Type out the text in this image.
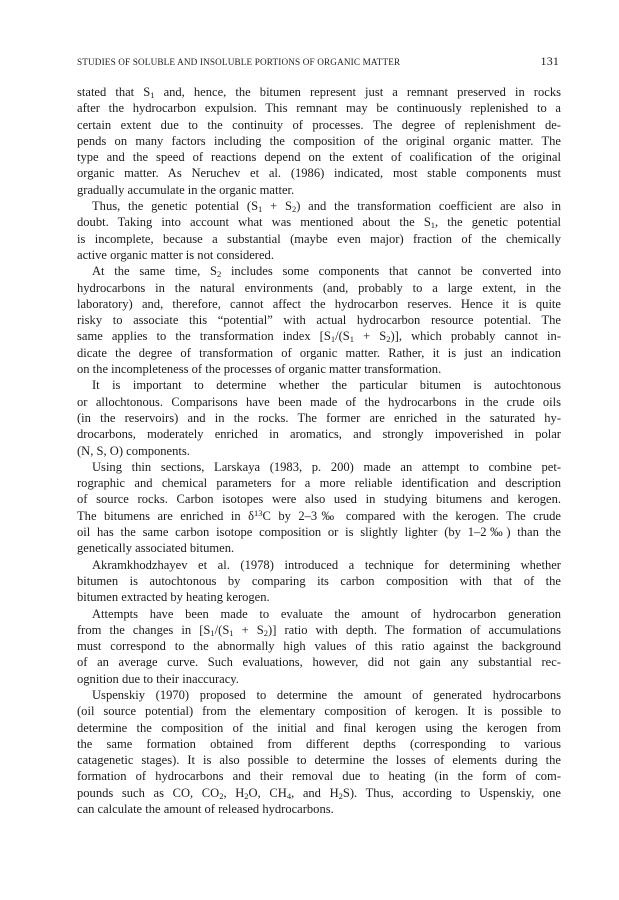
STUDIES OF SOLUBLE AND INSOLUBLE PORTIONS OF ORGANIC MATTER	131

stated that $S_1$ and, hence, the bitumen represent just a remnant preserved in rocks
after the hydrocarbon expulsion. This remnant may be continuously replenished to a
certain extent due to the continuity of processes. The degree of replenishment de-
pends on many factors including the composition of the original organic matter. The
type and the speed of reactions depend on the extent of coalification of the original
organic matter. As Neruchev et al. (1986) indicated, most stable components must
gradually accumulate in the organic matter.

Thus, the genetic potential $(S_1 + S_2)$ and the transformation coefficient are also in
doubt. Taking into account what was mentioned about the $S_1$, the genetic potential
is incomplete, because a substantial (maybe even major) fraction of the chemically
active organic matter is not considered.

At the same time, $S_2$ includes some components that cannot be converted into
hydrocarbons in the natural environments (and, probably to a large extent, in the
laboratory) and, therefore, cannot affect the hydrocarbon reserves. Hence it is quite
risky to associate this “potential” with actual hydrocarbon resource potential. The
same applies to the transformation index $[S_1/(S_1 + S_2)]$, which probably cannot in-
dicate the degree of transformation of organic matter. Rather, it is just an indication
on the incompleteness of the processes of organic matter transformation.

It is important to determine whether the particular bitumen is autochtonous
or allochtonous. Comparisons have been made of the hydrocarbons in the crude oils
(in the reservoirs) and in the rocks. The former are enriched in the saturated hy-
drocarbons, moderately enriched in aromatics, and strongly impoverished in polar
(N, S, O) components.

Using thin sections, Larskaya (1983, p. 200) made an attempt to combine pet-
rographic and chemical parameters for a more reliable identification and description
of source rocks. Carbon isotopes were also used in studying bitumens and kerogen.
The bitumens are enriched in $\delta^{13}C$ by 2–3‰ compared with the kerogen. The crude
oil has the same carbon isotope composition or is slightly lighter (by 1–2‰) than the
genetically associated bitumen.

Akramkhodzhayev et al. (1978) introduced a technique for determining whether
bitumen is autochtonous by comparing its carbon composition with that of the
bitumen extracted by heating kerogen.

Attempts have been made to evaluate the amount of hydrocarbon generation
from the changes in $[S_1/(S_1 + S_2)]$ ratio with depth. The formation of accumulations
must correspond to the abnormally high values of this ratio against the background
of an average curve. Such evaluations, however, did not gain any substantial rec-
ognition due to their inaccuracy.

Uspenskiy (1970) proposed to determine the amount of generated hydrocarbons
(oil source potential) from the elementary composition of kerogen. It is possible to
determine the composition of the initial and final kerogen using the kerogen from
the same formation obtained from different depths (corresponding to various
catagenetic stages). It is also possible to determine the losses of elements during the
formation of hydrocarbons and their removal due to heating (in the form of com-
pounds such as CO, $CO_2$, $H_2O$, $CH_4$, and $H_2S$). Thus, according to Uspenskiy, one
can calculate the amount of released hydrocarbons.
